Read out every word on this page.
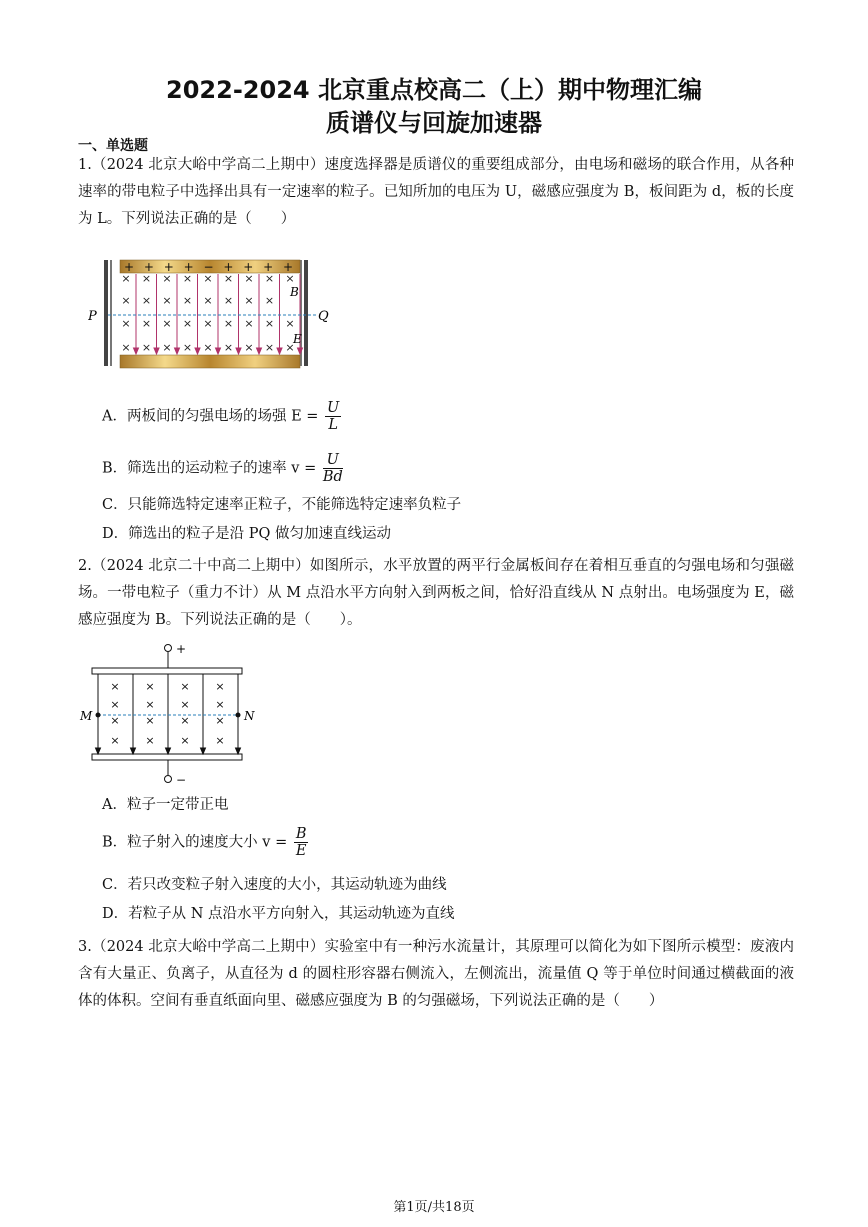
2022-2024 北京重点校高二（上）期中物理汇编
质谱仪与回旋加速器
一、单选题
1.（2024 北京大峪中学高二上期中）速度选择器是质谱仪的重要组成部分，由电场和磁场的联合作用，从各种速率的带电粒子中选择出具有一定速率的粒子。已知所加的电压为 U，磁感应强度为 B，板间距为 d，板的长度为 L。下列说法正确的是（　　）
+ + + + − + + + +
× × × × × × × × ×
× × × × × × × ×
× × × × × × × × ×
× × × × × × × × ×
P	Q
B
E
A．两板间的匀强电场的场强 $E = \frac{U}{L}$
B．筛选出的运动粒子的速率 $v = \frac{U}{Bd}$
C．只能筛选特定速率正粒子，不能筛选特定速率负粒子
D．筛选出的粒子是沿 PQ 做匀加速直线运动
2.（2024 北京二十中高二上期中）如图所示，水平放置的两平行金属板间存在着相互垂直的匀强电场和匀强磁场。一带电粒子（重力不计）从 M 点沿水平方向射入到两板之间，恰好沿直线从 N 点射出。电场强度为 E，磁感应强度为 B。下列说法正确的是（　　）。
+
−
× × × ×
× × × ×
× × × ×
× × × ×
M	N
A．粒子一定带正电
B．粒子射入的速度大小 $v = \frac{B}{E}$
C．若只改变粒子射入速度的大小，其运动轨迹为曲线
D．若粒子从 N 点沿水平方向射入，其运动轨迹为直线
3.（2024 北京大峪中学高二上期中）实验室中有一种污水流量计，其原理可以简化为如下图所示模型：废液内含有大量正、负离子，从直径为 d 的圆柱形容器右侧流入，左侧流出，流量值 Q 等于单位时间通过横截面的液体的体积。空间有垂直纸面向里、磁感应强度为 B 的匀强磁场，下列说法正确的是（　　）
第1页/共18页
